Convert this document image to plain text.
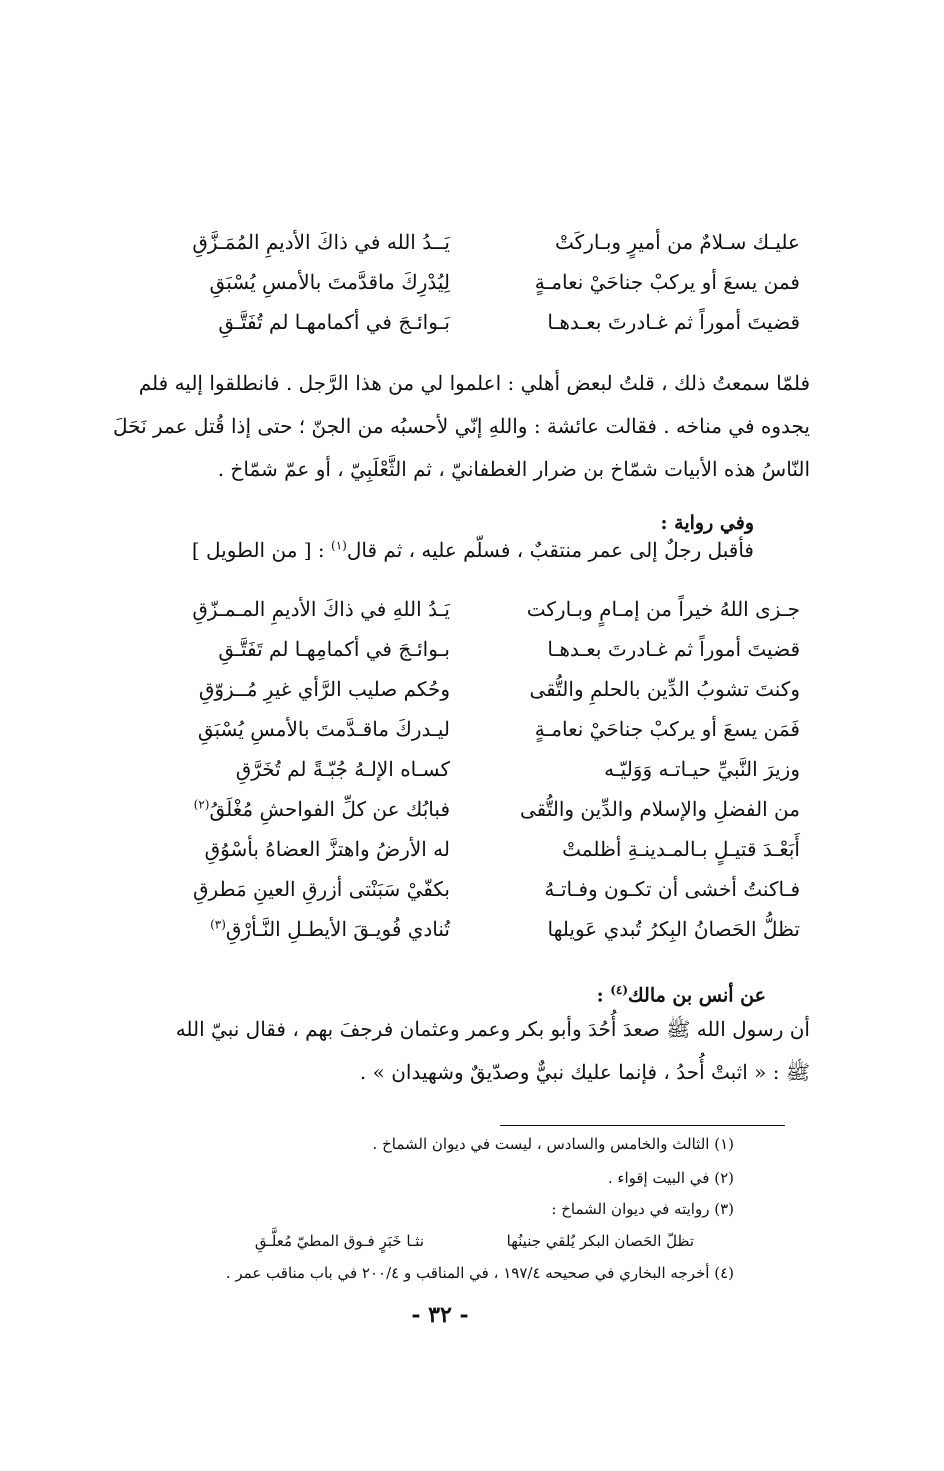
عليـك سـلامٌ من أميرٍ وبـاركَتْ
يَــدُ الله في ذاكَ الأديمِ المُمَـزَّقِ
فمن يسعَ أو يركبْ جناحَيْ نعامـةٍ
لِيُدْرِكَ ماقدَّمتَ بالأمسِ يُسْبَقِ
قضيتَ أموراً ثم غـادرتَ بعـدهـا
بَـوائـجَ في أكمامهـا لم تُفَتَّـقِ

فلمّا سمعتُ ذلك ، قلتُ لبعض أهلي : اعلموا لي من هذا الرَّجل . فانطلقوا إليه فلم

يجدوه في مناخه . فقالت عائشة : واللهِ إنّي لأحسبُه من الجنّ ؛ حتى إذا قُتل عمر نَحَلَ

النّاسُ هذه الأبيات شمّاخ بن ضرار الغطفانيّ ، ثم الثَّعْلَبِيّ ، أو عمّ شمّاخ .

وفي رواية :
فأقبل رجلٌ إلى عمر منتقبٌ ، فسلّم عليه ، ثم قال$^{(١)}$ : [ من الطويل ]
جـزى اللهُ خيراً من إمـامٍ وبـاركت
يَـدُ اللهِ في ذاكَ الأديمِ المـمـزّقِ
قضيتَ أموراً ثم غـادرتَ بعـدهـا
بـوائـجَ في أكمامِهـا لم تَفَتَّـقِ
وكنتَ تشوبُ الدِّين بالحلمِ والتُّقى
وحُكم صليب الرَّأي غيرِ مُــزوّقِ
فَمَن يسعَ أو يركبْ جناحَيْ نعامـةٍ
ليـدركَ ماقـدَّمتَ بالأمسِ يُسْبَقِ
وزيرَ النَّبيِّ حيـاتـه وَوَليّـه
كسـاه الإلـهُ جُبّـةً لم تُخَرَّقِ
من الفضلِ والإسلام والدِّين والتُّقى
فبابُك عن كلِّ الفواحشِ مُغْلَقُ$^{(٢)}$
أَبَعْـدَ قتيـلٍ بـالمـدينـةِ أظلمتْ
له الأرضُ واهتزَّ العضاهُ بأسْوُقِ
فـاكنتُ أخشى أن تكـون وفـاتـهُ
بكفّيْ سَبَنْتى أزرقِ العينِ مَطرقِ
تظلُّ الحَصانُ البِكرُ تُبدي عَويلها
تُنادي فُويـقَ الأيطـلِ النَّـأرْقِ$^{(٣)}$
عن أنس بن مالك$^{(٤)}$ :

أن رسول الله ﷺ صعدَ أُحُدَ وأبو بكر وعمر وعثمان فرجفَ بهم ، فقال نبيّ الله

ﷺ : « اثبتْ أُحدُ ، فإنما عليك نبيٌّ وصدّيقٌ وشهيدان » .

(١) الثالث والخامس والسادس ، ليست في ديوان الشماخ .
(٢) في البيت إقواء .
(٣) روايته في ديوان الشماخ :
تظلّ الحَصان البكر يُلقي جنينُها
نثـا خَبَرٍ فـوق المطيّ مُعلَّـقِ
(٤) أخرجه البخاري في صحيحه ١٩٧/٤ ، في المناقب و ٢٠٠/٤ في باب مناقب عمر .
- ٣٢ -
